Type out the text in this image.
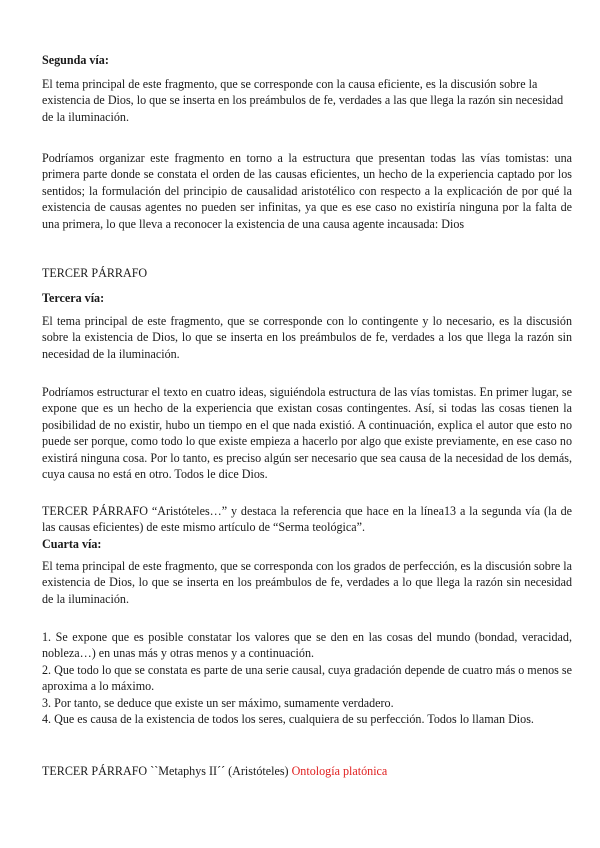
Segunda vía:
El tema principal de este fragmento, que se corresponde con la causa eficiente, es la discusión sobre la existencia de Dios, lo que se inserta en los preámbulos de fe, verdades a las que llega la razón sin necesidad de la iluminación.
Podríamos organizar este fragmento en torno a la estructura que presentan todas las vías tomistas: una primera parte donde se constata el orden de las causas eficientes, un hecho de la experiencia captado por los sentidos; la formulación del principio de causalidad aristotélico con respecto a la explicación de por qué la existencia de causas agentes no pueden ser infinitas, ya que es ese caso no existiría ninguna por la falta de una primera, lo que lleva a reconocer la existencia de una causa agente incausada: Dios
TERCER PÁRRAFO
Tercera vía:
El tema principal de este fragmento, que se corresponde con lo contingente y lo necesario, es la discusión sobre la existencia de Dios, lo que se inserta en los preámbulos de fe, verdades a los que llega la razón sin necesidad de la iluminación.
Podríamos estructurar el texto en cuatro ideas, siguiéndola estructura de las vías tomistas. En primer lugar, se expone que es un hecho de la experiencia que existan cosas contingentes. Así, si todas las cosas tienen la posibilidad de no existir, hubo un tiempo en el que nada existió. A continuación, explica el autor que esto no puede ser porque, como todo lo que existe empieza a hacerlo por algo que existe previamente, en ese caso no existirá ninguna cosa. Por lo tanto, es preciso algún ser necesario que sea causa de la necesidad de los demás, cuya causa no está en otro. Todos le dice Dios.
TERCER PÁRRAFO “Aristóteles…” y destaca la referencia que hace en la línea13 a la segunda vía (la de las causas eficientes) de este mismo artículo de “Serma teológica”.
Cuarta vía:
El tema principal de este fragmento, que se corresponda con los grados de perfección, es la discusión sobre la existencia de Dios, lo que se inserta en los preámbulos de fe, verdades a lo que llega la razón sin necesidad de la iluminación.

1. Se expone que es posible constatar los valores que se den en las cosas del mundo (bondad, veracidad, nobleza…) en unas más y otras menos y a continuación.

2. Que todo lo que se constata es parte de una serie causal, cuya gradación depende de cuatro más o menos se aproxima a lo máximo.

3. Por tanto, se deduce que existe un ser máximo, sumamente verdadero.

4. Que es causa de la existencia de todos los seres, cualquiera de su perfección. Todos lo llaman Dios.

TERCER PÁRRAFO ``Metaphys II´´ (Aristóteles) Ontología platónica
